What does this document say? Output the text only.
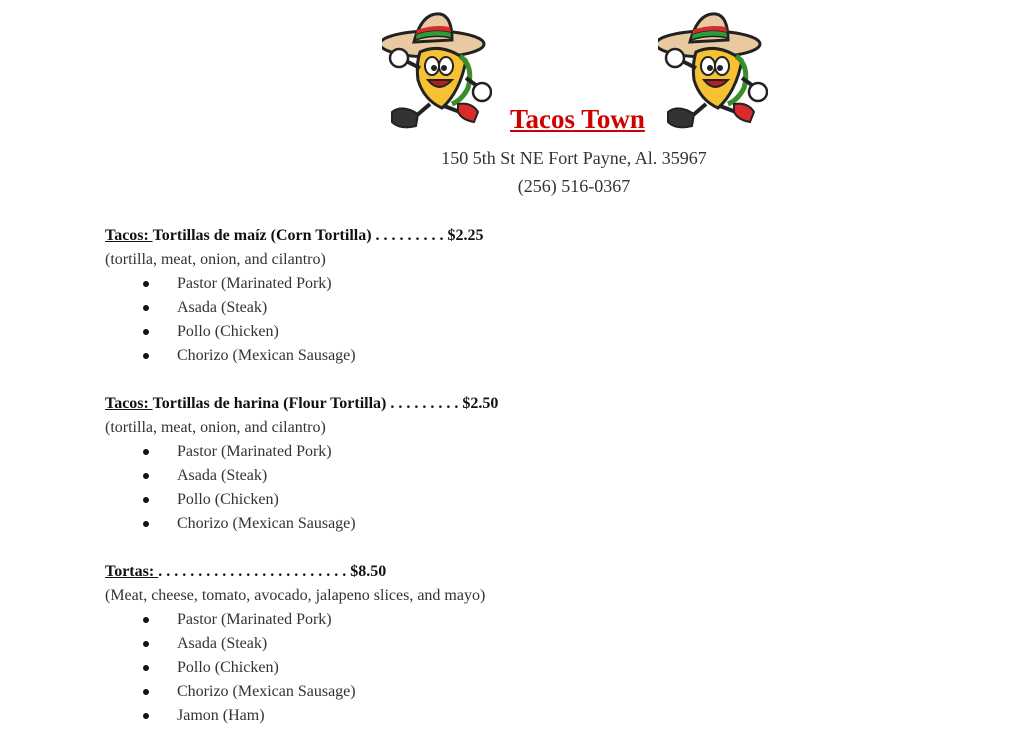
Tacos Town

150 5th St NE Fort Payne, Al. 35967

(256) 516-0367

Tacos: Tortillas de maíz (Corn Tortilla) . . . . . . . . . $2.25
(tortilla, meat, onion, and cilantro)
Pastor (Marinated Pork)
Asada (Steak)
Pollo (Chicken)
Chorizo (Mexican Sausage)
Tacos: Tortillas de harina (Flour Tortilla) . . . . . . . . . $2.50
(tortilla, meat, onion, and cilantro)
Pastor (Marinated Pork)
Asada (Steak)
Pollo (Chicken)
Chorizo (Mexican Sausage)
Tortas: . . . . . . . . . . . . . . . . . . . . . . . . $8.50
(Meat, cheese, tomato, avocado, jalapeno slices, and mayo)
Pastor (Marinated Pork)
Asada (Steak)
Pollo (Chicken)
Chorizo (Mexican Sausage)
Jamon (Ham)
